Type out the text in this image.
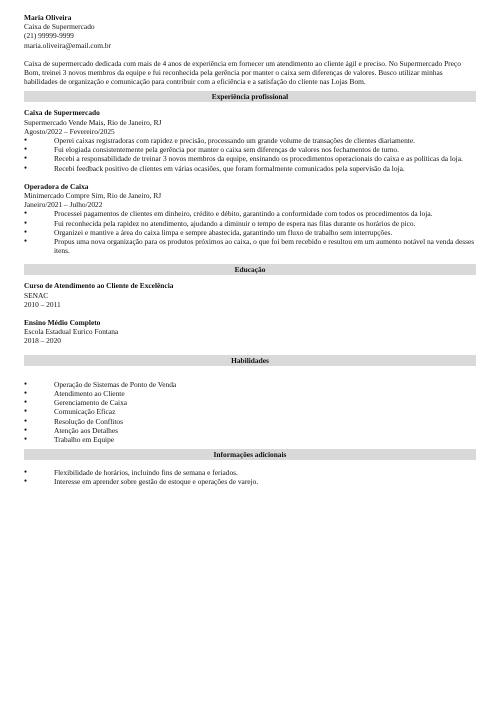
Maria Oliveira
Caixa de Supermercado
(21) 99999-9999
maria.oliveira@email.com.br
Caixa de supermercado dedicada com mais de 4 anos de experiência em fornecer um atendimento ao cliente ágil e preciso. No Supermercado Preço Bom, treinei 3 novos membros da equipe e fui reconhecida pela gerência por manter o caixa sem diferenças de valores. Busco utilizar minhas habilidades de organização e comunicação para contribuir com a eficiência e a satisfação do cliente nas Lojas Bom.
Experiência profissional
Caixa de Supermercado
Supermercado Vende Mais, Rio de Janeiro, RJ
Agosto/2022 – Fevereiro/2025
●	Operei caixas registradoras com rapidez e precisão, processando um grande volume de transações de clientes diariamente.
●	Fui elogiada consistentemente pela gerência por manter o caixa sem diferenças de valores nos fechamentos de turno.
●	Recebi a responsabilidade de treinar 3 novos membros da equipe, ensinando os procedimentos operacionais do caixa e as políticas da loja.
●	Recebi feedback positivo de clientes em várias ocasiões, que foram formalmente comunicados pela supervisão da loja.
Operadora de Caixa
Minimercado Compre Sim, Rio de Janeiro, RJ
Janeiro/2021 – Julho/2022
●	Processei pagamentos de clientes em dinheiro, crédito e débito, garantindo a conformidade com todos os procedimentos da loja.
●	Fui reconhecida pela rapidez no atendimento, ajudando a diminuir o tempo de espera nas filas durante os horários de pico.
●	Organizei e mantive a área do caixa limpa e sempre abastecida, garantindo um fluxo de trabalho sem interrupções.
●	Propus uma nova organização para os produtos próximos ao caixa, o que foi bem recebido e resultou em um aumento notável na venda desses itens.
Educação
Curso de Atendimento ao Cliente de Excelência
SENAC
2010 – 2011
Ensino Médio Completo
Escola Estadual Eurico Fontana
2018 – 2020
Habilidades
●	Operação de Sistemas de Ponto de Venda
●	Atendimento ao Cliente
●	Gerenciamento de Caixa
●	Comunicação Eficaz
●	Resolução de Conflitos
●	Atenção aos Detalhes
●	Trabalho em Equipe
Informações adicionais
●	Flexibilidade de horários, incluindo fins de semana e feriados.
●	Interesse em aprender sobre gestão de estoque e operações de varejo.
